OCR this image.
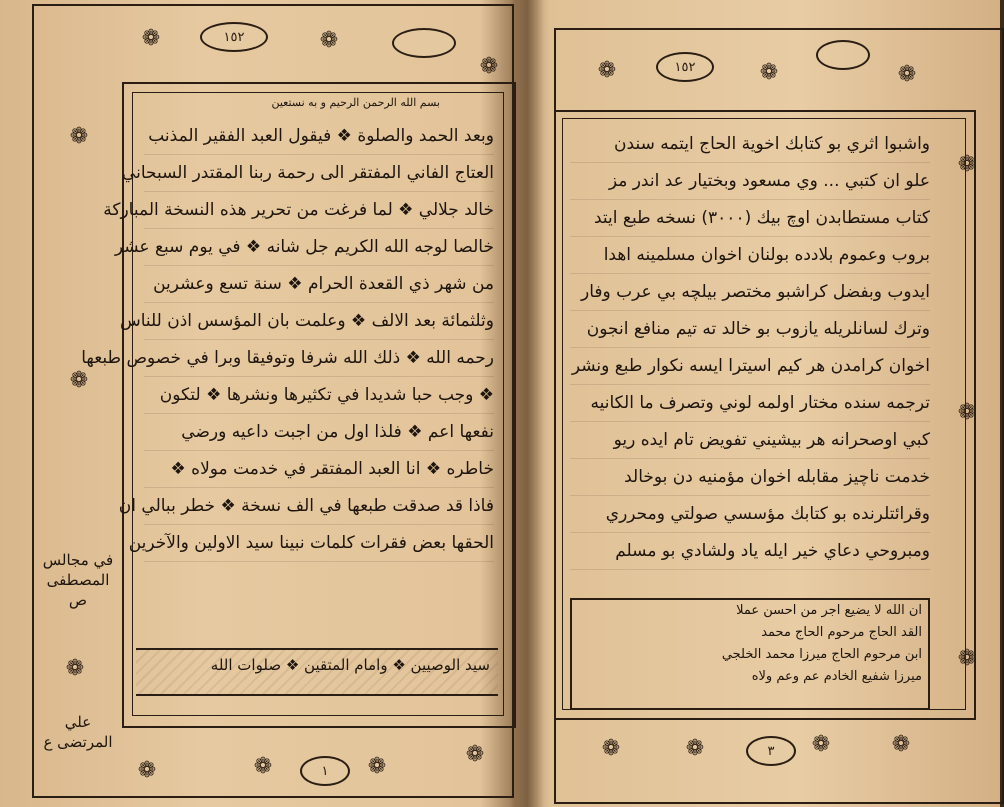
❁	١٥٢	❁
❁
❁
❁
❁
بسم الله الرحمن الرحيم و به نستعين
وبعد الحمد والصلوة ❖ فيقول العبد الفقير المذنب
العتاج الفاني المفتقر الى رحمة ربنا المقتدر السبحاني
خالد جلالي ❖ لما فرغت من تحرير هذه النسخة المباركة
خالصا لوجه الله الكريم جل شانه ❖ في يوم سبع عشر
من شهر ذي القعدة الحرام ❖ سنة تسع وعشرين
وثلثمائة بعد الالف ❖ وعلمت بان المؤسس اذن للناس
رحمه الله ❖ ذلك الله شرفا وتوفيقا وبرا في خصوص طبعها
❖ وجب حبا شديدا في تكثيرها ونشرها ❖ لتكون
نفعها اعم ❖ فلذا اول من اجبت داعيه ورضي
خاطره ❖ انا العبد المفتقر في خدمت مولاه ❖
فاذا قد صدقت طبعها في الف نسخة ❖ خطر ببالي ان
الحقها بعض فقرات كلمات نبينا سيد الاولين والآخرين
سيد الوصيين ❖ وامام المتقين ❖ صلوات الله
في مجالس المصطفى ص
علي المرتضى ع
❁	❁	١ ❁	❁
❁	١٥٢	❁	❁
❁
❁
❁
واشبوا اثري بو كتابك اخوية الحاج ايتمه سندن
علو ان كتبي ... وي مسعود وبختيار عد اندر مز
كتاب مستطابدن اوچ بيك (٣٠٠٠) نسخه طبع ايتد
بروب وعموم بلادده بولنان اخوان مسلمينه اهدا
ايدوب وبفضل كراشبو مختصر بيلچه بي عرب وفار
وترك لسانلريله يازوب بو خالد ته تيم منافع انجون
اخوان كرامدن هر كيم اسيترا ايسه نكوار طبع ونشر
ترجمه سنده مختار اولمه لوني وتصرف ما الكانيه
كبي اوصحرانه هر بيشيني تفويض تام ايده ريو
خدمت ناچيز مقابله اخوان مؤمنيه دن بوخالد
وقرائتلرنده بو كتابك مؤسسي صولتي ومحرري
ومبروحي دعاي خير ايله ياد ولشادي بو مسلم
ان الله لا يضيع اجر من احسن عملا
القد الحاج مرحوم الحاج محمد
ابن مرحوم الحاج ميرزا محمد الخلجي
ميرزا شفيع الخادم عم وعم ولاه
❁	❁	٣ ❁	❁
